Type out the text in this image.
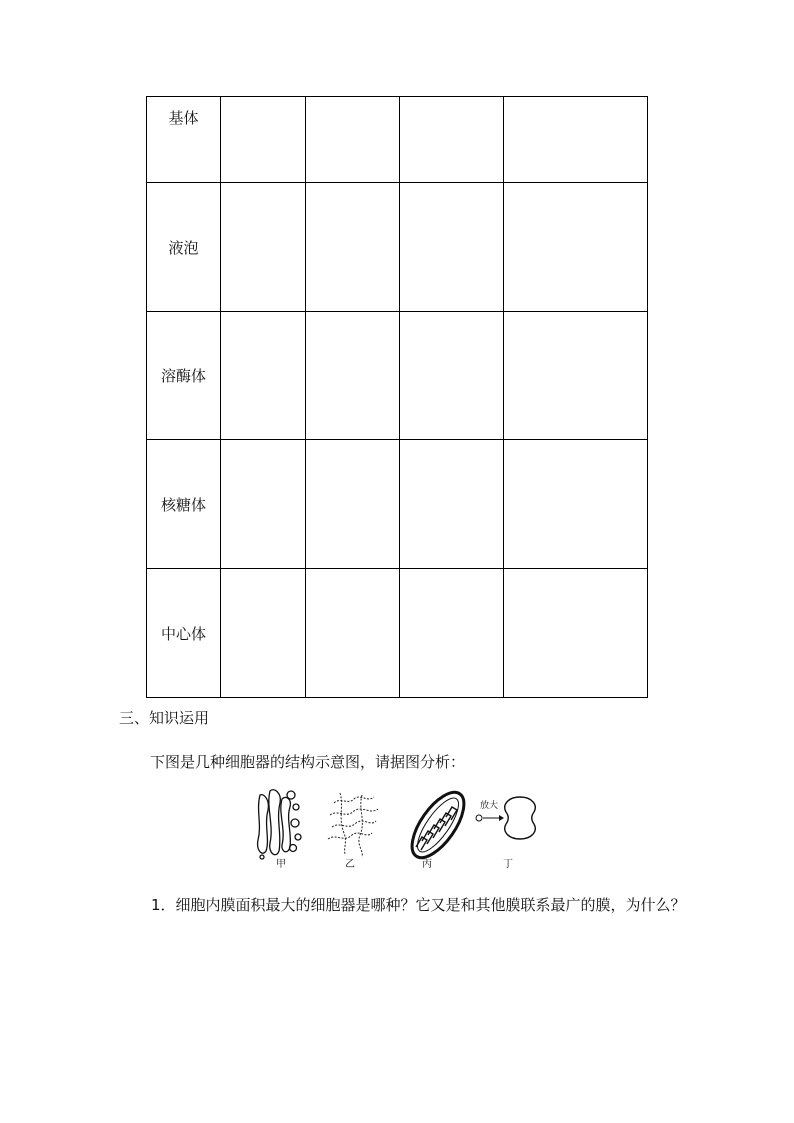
基体				
液泡				
溶酶体				
核糖体				
中心体				
三、知识运用
下图是几种细胞器的结构示意图，请据图分析：
放大
甲	乙	丙	丁
1．细胞内膜面积最大的细胞器是哪种？它又是和其他膜联系最广的膜，为什么？
